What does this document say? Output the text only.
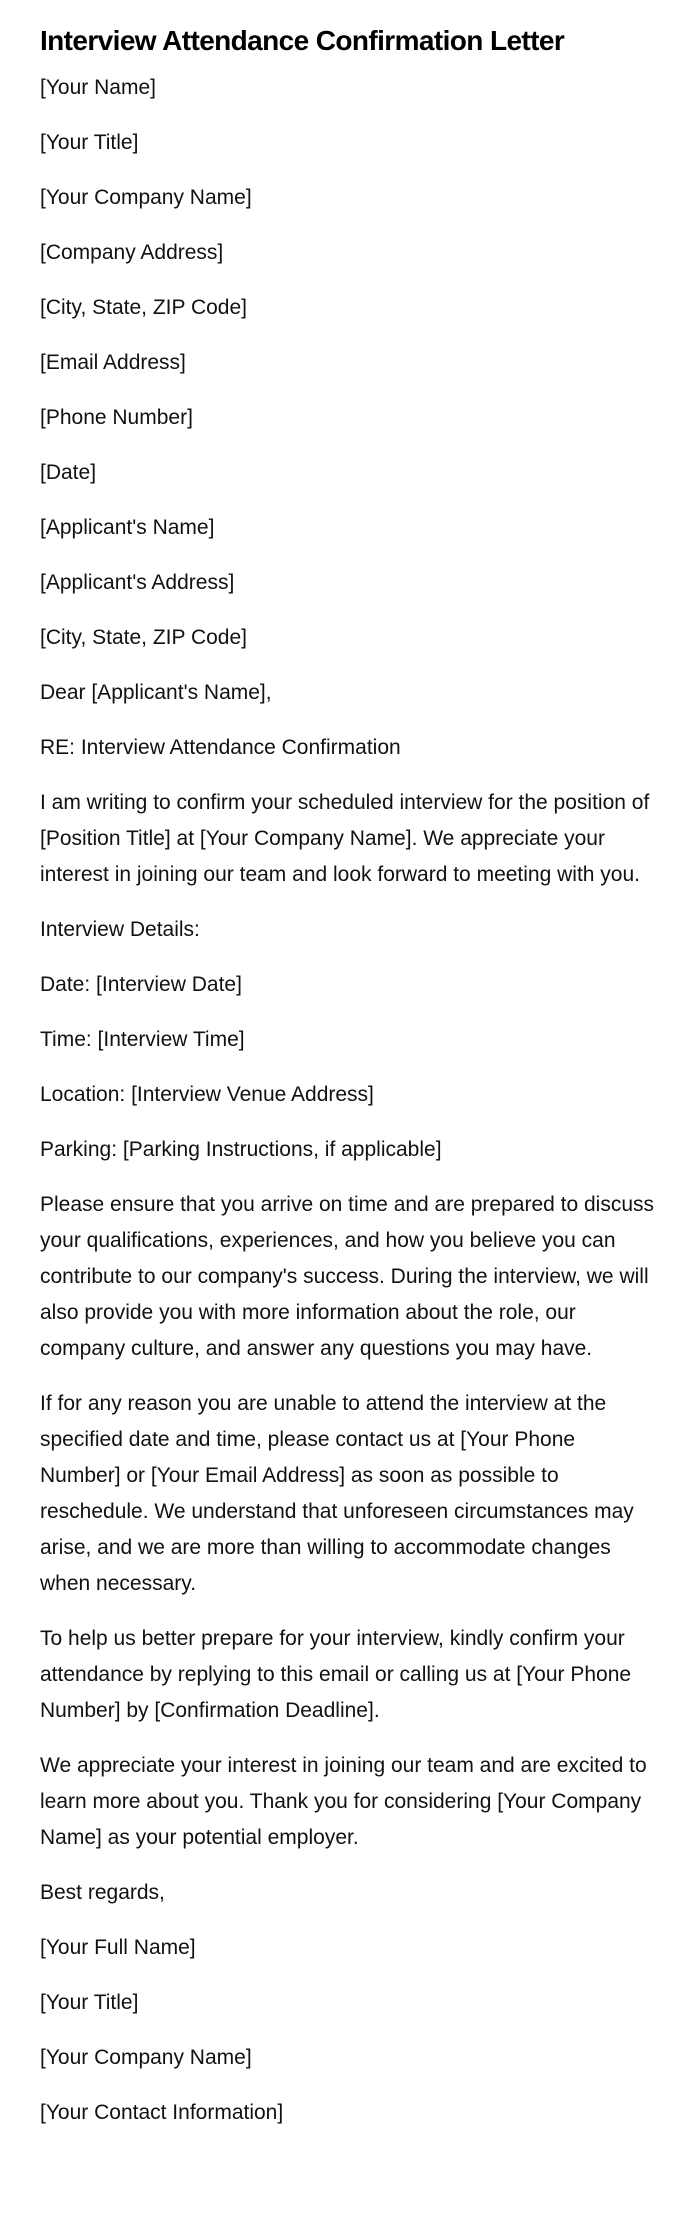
Interview Attendance Confirmation Letter

[Your Name]

[Your Title]

[Your Company Name]

[Company Address]

[City, State, ZIP Code]

[Email Address]

[Phone Number]

[Date]

[Applicant's Name]

[Applicant's Address]

[City, State, ZIP Code]

Dear [Applicant's Name],

RE: Interview Attendance Confirmation

I am writing to confirm your scheduled interview for the position of [Position Title] at [Your Company Name]. We appreciate your interest in joining our team and look forward to meeting with you.

Interview Details:

Date: [Interview Date]

Time: [Interview Time]

Location: [Interview Venue Address]

Parking: [Parking Instructions, if applicable]

Please ensure that you arrive on time and are prepared to discuss your qualifications, experiences, and how you believe you can contribute to our company's success. During the interview, we will also provide you with more information about the role, our company culture, and answer any questions you may have.

If for any reason you are unable to attend the interview at the specified date and time, please contact us at [Your Phone Number] or [Your Email Address] as soon as possible to reschedule. We understand that unforeseen circumstances may arise, and we are more than willing to accommodate changes when necessary.

To help us better prepare for your interview, kindly confirm your attendance by replying to this email or calling us at [Your Phone Number] by [Confirmation Deadline].

We appreciate your interest in joining our team and are excited to learn more about you. Thank you for considering [Your Company Name] as your potential employer.

Best regards,

[Your Full Name]

[Your Title]

[Your Company Name]

[Your Contact Information]
